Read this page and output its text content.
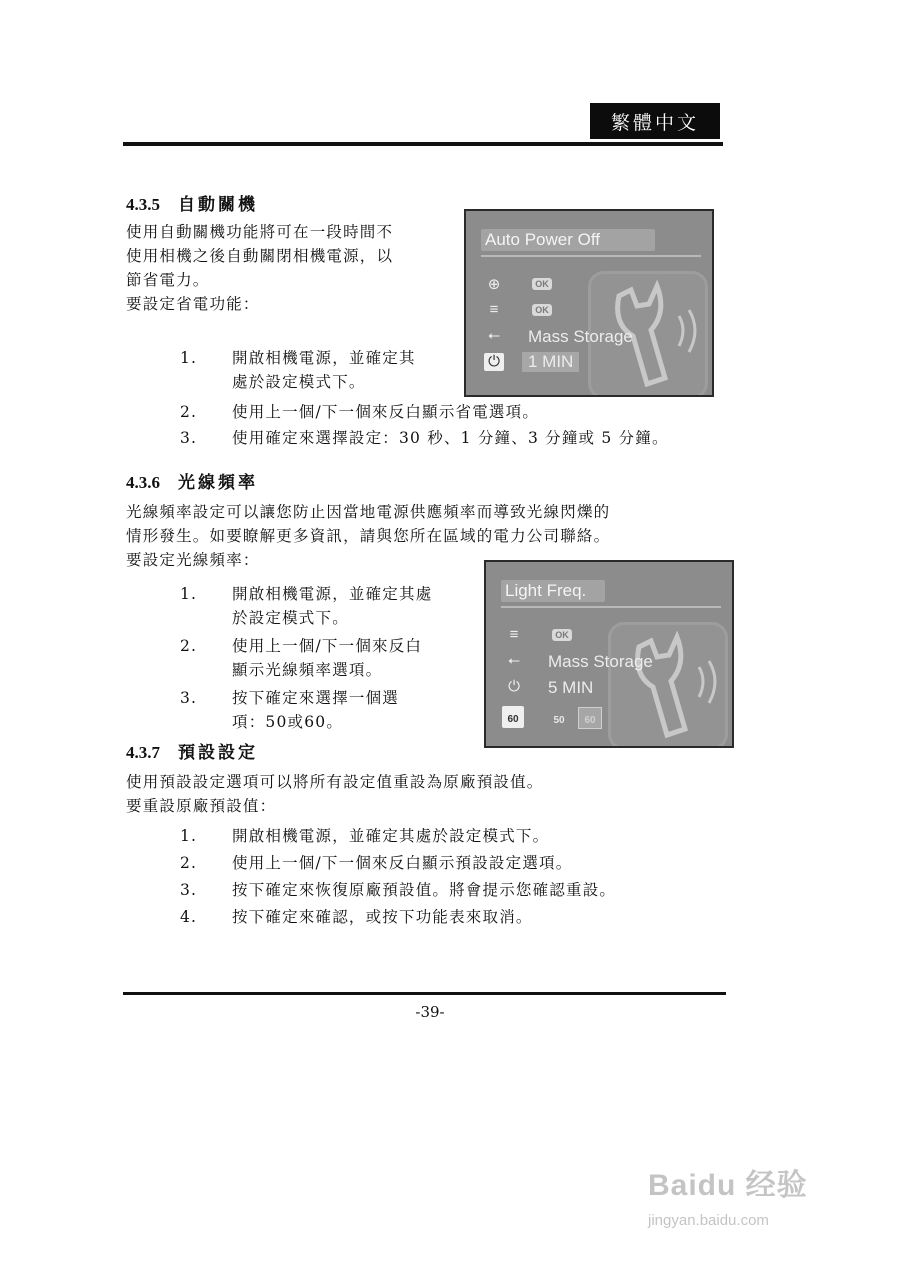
繁體中文
4.3.5 自動關機
使用自動關機功能將可在一段時間不
使用相機之後自動關閉相機電源，以
節省電力。
要設定省電功能：
1. 開啟相機電源，並確定其
處於設定模式下。
2. 使用上一個/下一個來反白顯示省電選項。
3. 使用確定來選擇設定：30 秒、1 分鐘、3 分鐘或 5 分鐘。
Auto Power Off
⊕	OK
≡	OK
⭠ Mass Storage
⏻	1 MIN
4.3.6 光線頻率
光線頻率設定可以讓您防止因當地電源供應頻率而導致光線閃爍的
情形發生。如要瞭解更多資訊，請與您所在區域的電力公司聯絡。
要設定光線頻率：
1. 開啟相機電源，並確定其處
於設定模式下。
2. 使用上一個/下一個來反白
顯示光線頻率選項。
3. 按下確定來選擇一個選
項：50或60。
Light Freq.
≡	OK
⭠ Mass Storage
⏻ 5 MIN
60	50	60
4.3.7 預設設定
使用預設設定選項可以將所有設定值重設為原廠預設值。
要重設原廠預設值：
1. 開啟相機電源，並確定其處於設定模式下。
2. 使用上一個/下一個來反白顯示預設設定選項。
3. 按下確定來恢復原廠預設值。將會提示您確認重設。
4. 按下確定來確認，或按下功能表來取消。
-39-
Baidu 经验
jingyan.baidu.com
